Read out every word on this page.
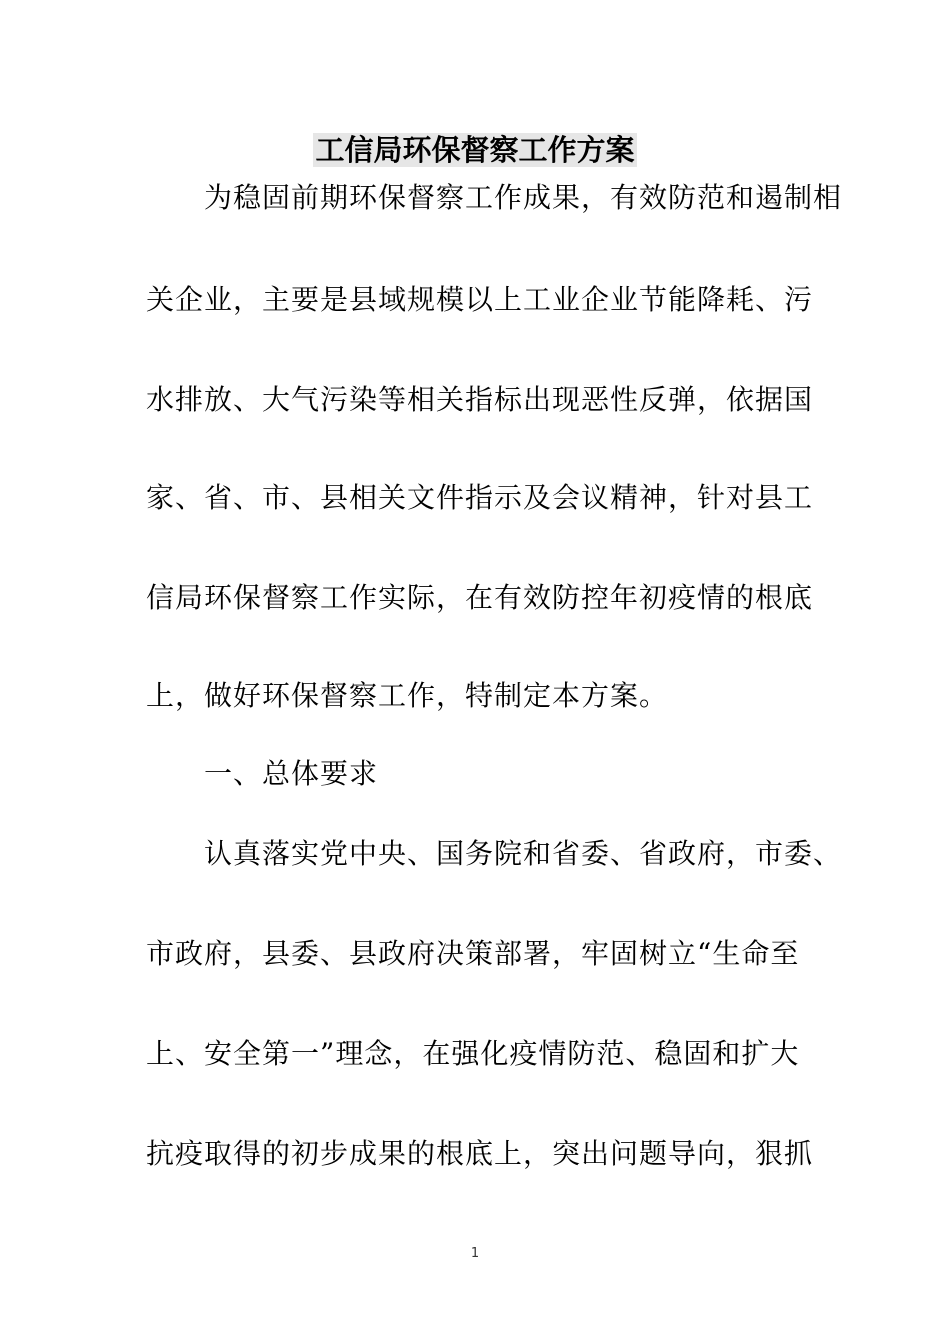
工信局环保督察工作方案
为稳固前期环保督察工作成果，有效防范和遏制相
关企业，主要是县域规模以上工业企业节能降耗、污
水排放、大气污染等相关指标出现恶性反弹，依据国
家、省、市、县相关文件指示及会议精神，针对县工
信局环保督察工作实际，在有效防控年初疫情的根底
上，做好环保督察工作，特制定本方案。
一、总体要求
认真落实党中央、国务院和省委、省政府，市委、
市政府，县委、县政府决策部署，牢固树立“生命至
上、安全第一”理念，在强化疫情防范、稳固和扩大
抗疫取得的初步成果的根底上，突出问题导向，狠抓
1
